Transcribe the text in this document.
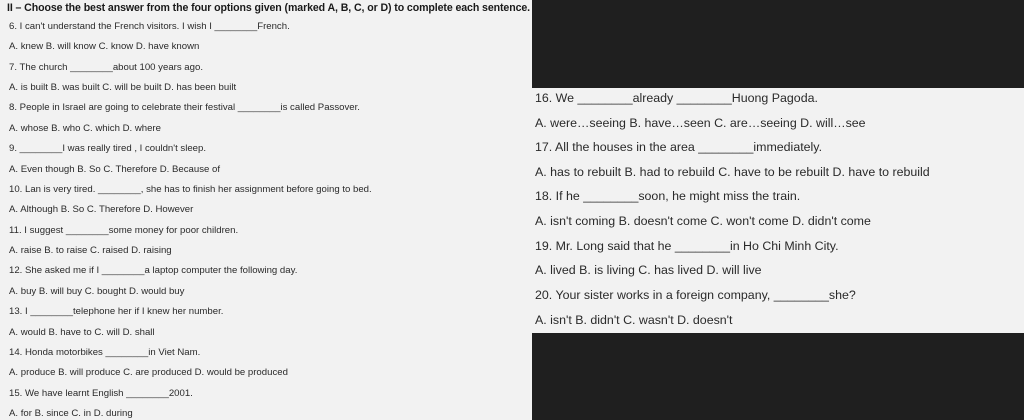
II – Choose the best answer from the four options given (marked A, B, C, or D) to complete each sentence.
6. I can't understand the French visitors. I wish I ________French.
A. knew B. will know C. know D. have known
7. The church ________about 100 years ago.
A. is built B. was built C. will be built D. has been built
8. People in Israel are going to celebrate their festival ________is called Passover.
A. whose B. who C. which D. where
9. ________I was really tired , I couldn't sleep.
A. Even though B. So C. Therefore D. Because of
10. Lan is very tired. ________, she has to finish her assignment before going to bed.
A. Although B. So C. Therefore D. However
11. I suggest ________some money for poor children.
A. raise B. to raise C. raised D. raising
12. She asked me if I ________a laptop computer the following day.
A. buy B. will buy C. bought D. would buy
13. I ________telephone her if I knew her number.
A. would B. have to C. will D. shall
14. Honda motorbikes ________in Viet Nam.
A. produce B. will produce C. are produced D. would be produced
15. We have learnt English ________2001.
A. for B. since C. in D. during
16. We ________already ________Huong Pagoda.
A. were…seeing B. have…seen C. are…seeing D. will…see
17. All the houses in the area ________immediately.
A. has to rebuilt B. had to rebuild C. have to be rebuilt D. have to rebuild
18. If he ________soon, he might miss the train.
A. isn't coming B. doesn't come C. won't come D. didn't come
19. Mr. Long said that he ________in Ho Chi Minh City.
A. lived B. is living C. has lived D. will live
20. Your sister works in a foreign company, ________she?
A. isn't B. didn't C. wasn't D. doesn't
